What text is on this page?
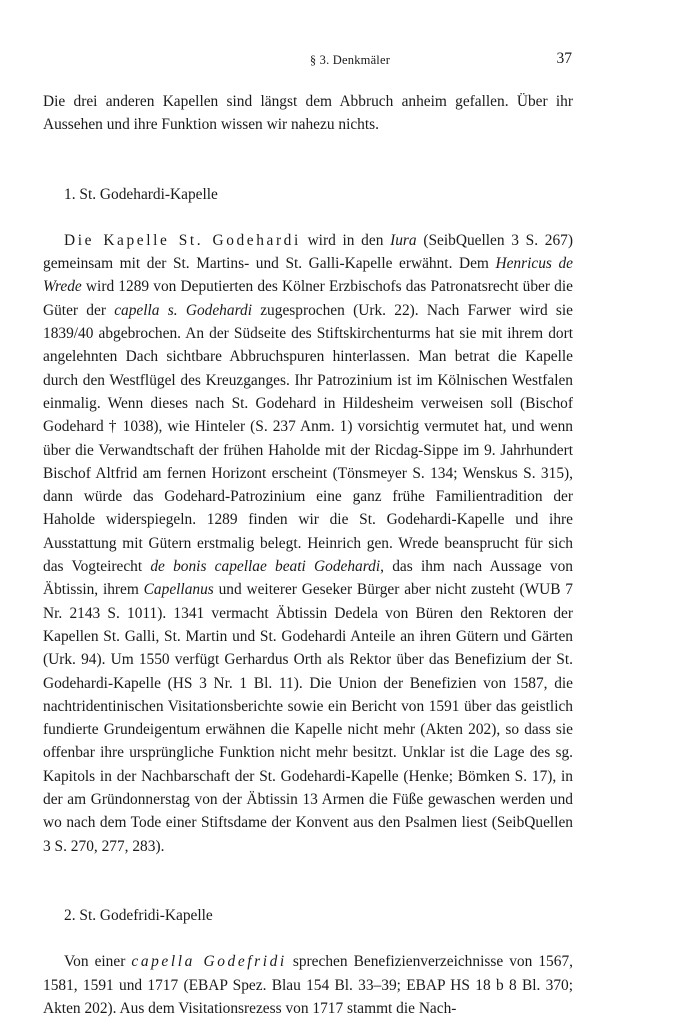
§ 3. Denkmäler	37

Die drei anderen Kapellen sind längst dem Abbruch anheim gefallen. Über ihr Aussehen und ihre Funktion wissen wir nahezu nichts.

1. St. Godehardi-Kapelle

Die Kapelle St. Godehardi wird in den Iura (SeibQuellen 3 S. 267) gemeinsam mit der St. Martins- und St. Galli-Kapelle erwähnt. Dem Henricus de Wrede wird 1289 von Deputierten des Kölner Erzbischofs das Patronatsrecht über die Güter der capella s. Godehardi zugesprochen (Urk. 22). Nach Farwer wird sie 1839/40 abgebrochen. An der Südseite des Stiftskirchenturms hat sie mit ihrem dort angelehnten Dach sichtbare Abbruchspuren hinterlassen. Man betrat die Kapelle durch den Westflügel des Kreuzganges. Ihr Patrozinium ist im Kölnischen Westfalen einmalig. Wenn dieses nach St. Godehard in Hildesheim verweisen soll (Bischof Godehard † 1038), wie Hinteler (S. 237 Anm. 1) vorsichtig vermutet hat, und wenn über die Verwandtschaft der frühen Haholde mit der Ricdag-Sippe im 9. Jahrhundert Bischof Altfrid am fernen Horizont erscheint (Tönsmeyer S. 134; Wenskus S. 315), dann würde das Godehard-Patrozinium eine ganz frühe Familientradition der Haholde widerspiegeln. 1289 finden wir die St. Godehardi-Kapelle und ihre Ausstattung mit Gütern erstmalig belegt. Heinrich gen. Wrede beansprucht für sich das Vogteirecht de bonis capellae beati Godehardi, das ihm nach Aussage von Äbtissin, ihrem Capellanus und weiterer Geseker Bürger aber nicht zusteht (WUB 7 Nr. 2143 S. 1011). 1341 vermacht Äbtissin Dedela von Büren den Rektoren der Kapellen St. Galli, St. Martin und St. Godehardi Anteile an ihren Gütern und Gärten (Urk. 94). Um 1550 verfügt Gerhardus Orth als Rektor über das Benefizium der St. Godehardi-Kapelle (HS 3 Nr. 1 Bl. 11). Die Union der Benefizien von 1587, die nachtridentinischen Visitationsberichte sowie ein Bericht von 1591 über das geistlich fundierte Grundeigentum erwähnen die Kapelle nicht mehr (Akten 202), so dass sie offenbar ihre ursprüngliche Funktion nicht mehr besitzt. Unklar ist die Lage des sg. Kapitols in der Nachbarschaft der St. Godehardi-Kapelle (Henke; Bömken S. 17), in der am Gründonnerstag von der Äbtissin 13 Armen die Füße gewaschen werden und wo nach dem Tode einer Stiftsdame der Konvent aus den Psalmen liest (SeibQuellen 3 S. 270, 277, 283).

2. St. Godefridi-Kapelle

Von einer capella Godefridi sprechen Benefizienverzeichnisse von 1567, 1581, 1591 und 1717 (EBAP Spez. Blau 154 Bl. 33–39; EBAP HS 18 b 8 Bl. 370; Akten 202). Aus dem Visitationsrezess von 1717 stammt die Nach-
